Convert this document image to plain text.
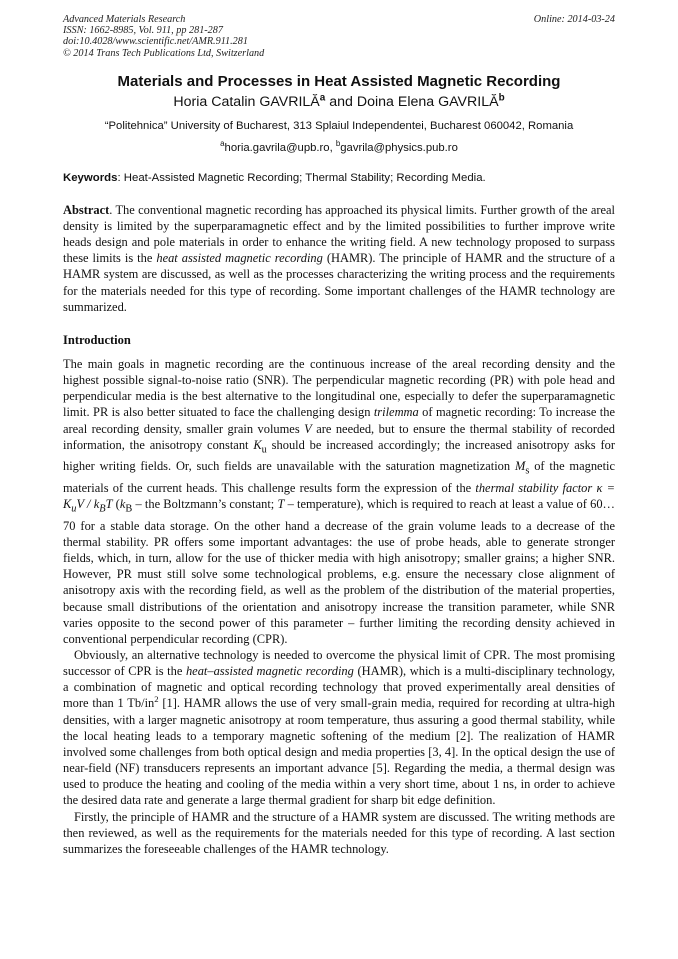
Advanced Materials Research
ISSN: 1662-8985, Vol. 911, pp 281-287
doi:10.4028/www.scientific.net/AMR.911.281
© 2014 Trans Tech Publications Ltd, Switzerland
Online: 2014-03-24
Materials and Processes in Heat Assisted Magnetic Recording
Horia Catalin GAVRILĂ$^a$ and Doina Elena GAVRILĂ$^b$
“Politehnica” University of Bucharest, 313 Splaiul Independentei, Bucharest 060042, Romania
$^a$horia.gavrila@upb.ro, $^b$gavrila@physics.pub.ro
Keywords: Heat-Assisted Magnetic Recording; Thermal Stability; Recording Media.

Abstract. The conventional magnetic recording has approached its physical limits. Further growth of the areal density is limited by the superparamagnetic effect and by the limited possibilities to further improve write heads design and pole materials in order to enhance the writing field. A new technology proposed to surpass these limits is the heat assisted magnetic recording (HAMR). The principle of HAMR and the structure of a HAMR system are discussed, as well as the processes characterizing the writing process and the requirements for the materials needed for this type of recording. Some important challenges of the HAMR technology are summarized.

Introduction

The main goals in magnetic recording are the continuous increase of the areal recording density and the highest possible signal-to-noise ratio (SNR). The perpendicular magnetic recording (PR) with pole head and perpendicular media is the best alternative to the longitudinal one, especially to defer the superparamagnetic limit. PR is also better situated to face the challenging design trilemma of magnetic recording: To increase the areal recording density, smaller grain volumes V are needed, but to ensure the thermal stability of recorded information, the anisotropy constant $K_u$ should be increased accordingly; the increased anisotropy asks for higher writing fields. Or, such fields are unavailable with the saturation magnetization $M_s$ of the magnetic materials of the current heads. This challenge results form the expression of the thermal stability factor $\kappa = K_uV / k_BT$ ($k_B$ – the Boltzmann’s constant; T – temperature), which is required to reach at least a value of 60…70 for a stable data storage. On the other hand a decrease of the grain volume leads to a decrease of the thermal stability. PR offers some important advantages: the use of probe heads, able to generate stronger fields, which, in turn, allow for the use of thicker media with high anisotropy; smaller grains; a higher SNR. However, PR must still solve some technological problems, e.g. ensure the necessary close alignment of anisotropy axis with the recording field, as well as the problem of the distribution of the material properties, because small distributions of the orientation and anisotropy increase the transition parameter, while SNR varies opposite to the second power of this parameter – further limiting the recording density achieved in conventional perpendicular recording (CPR).

Obviously, an alternative technology is needed to overcome the physical limit of CPR. The most promising successor of CPR is the heat–assisted magnetic recording (HAMR), which is a multi-disciplinary technology, a combination of magnetic and optical recording technology that proved experimentally areal densities of more than 1 $Tb/in^2$ [1]. HAMR allows the use of very small-grain media, required for recording at ultra-high densities, with a larger magnetic anisotropy at room temperature, thus assuring a good thermal stability, while the local heating leads to a temporary magnetic softening of the medium [2]. The realization of HAMR involved some challenges from both optical design and media properties [3, 4]. In the optical design the use of near-field (NF) transducers represents an important advance [5]. Regarding the media, a thermal design was used to produce the heating and cooling of the media within a very short time, about 1 ns, in order to achieve the desired data rate and generate a large thermal gradient for sharp bit edge definition.

Firstly, the principle of HAMR and the structure of a HAMR system are discussed. The writing methods are then reviewed, as well as the requirements for the materials needed for this type of recording. A last section summarizes the foreseeable challenges of the HAMR technology.
